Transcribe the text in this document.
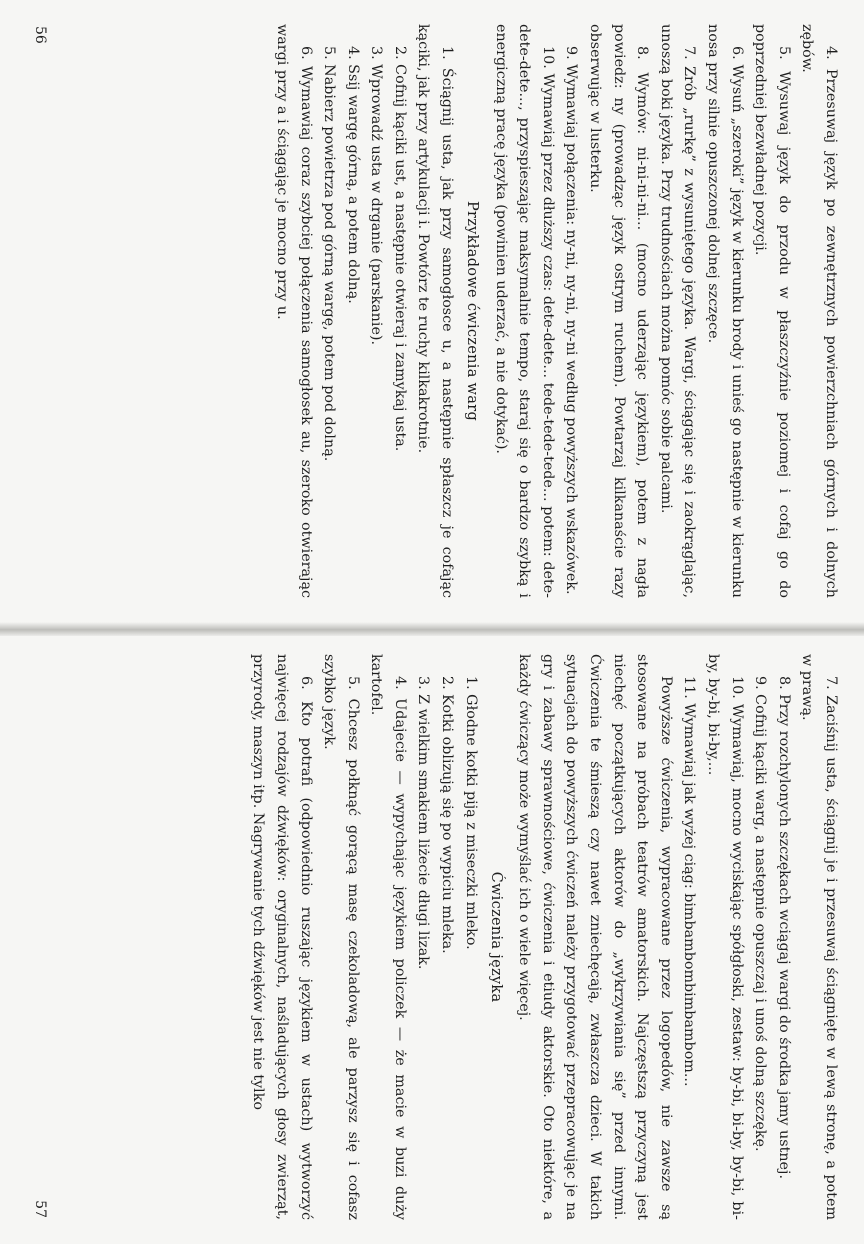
4. Przesuwaj język po zewnętrznych powierzchniach górnych i dolnych zębów.

5. Wysuwaj język do przodu w płaszczyźnie poziomej i cofaj go do poprzedniej bezwładnej pozycji.

6. Wysuń „szeroki” język w kierunku brody i unieś go następnie w kierunku nosa przy silnie opuszczonej dolnej szczęce.

7. Zrób „rurkę” z wysuniętego języka. Wargi, ściągając się i zaokrąglając, unoszą boki języka. Przy trudnościach można pomóc sobie palcami.

8. Wymów: ni-ni-ni-ni... (mocno uderzając językiem), potem z nagła powiedz: ny (prowadząc język ostrym ruchem). Powtarzaj kilkanaście razy obserwując w lusterku.

9. Wymawiaj połączenia: ny-ni, ny-ni, ny-ni według powyższych wskazówek.

10. Wymawiaj przez dłuższy czas: dete-dete... tede-tede-tede... potem: dete-dete-dete..., przyspieszając maksymalnie tempo, staraj się o bardzo szybką i energiczną pracę języka (powinien uderzać, a nie dotykać).

Przykładowe ćwiczenia warg

1. Ściągnij usta, jak przy samogłosce u, a następnie spłaszcz je cofając kąciki, jak przy artykulacji i. Powtórz te ruchy kilkakrotnie.

2. Cofnij kąciki ust, a następnie otwieraj i zamykaj usta.

3. Wprowadź usta w drganie (parskanie).

4. Ssij wargę górną, a potem dolną.

5. Nabierz powietrza pod górną wargę, potem pod dolną.

6. Wymawiaj coraz szybciej połączenia samogłosek au, szeroko otwierając wargi przy a i ściągając je mocno przy u.

56

7. Zaciśnij usta, ściągnij je i przesuwaj ściągnięte w lewą stronę, a potem w prawą.

8. Przy rozchylonych szczękach wciągaj wargi do środka jamy ustnej.

9. Cofnij kąciki warg, a następnie opuszczaj i unoś dolną szczękę.

10. Wymawiaj, mocno wyciskając spółgłoski, zestaw: by-bi, bi-by, by-bi, bi-by, by-bi, bi-by,...

11. Wymawiaj jak wyżej ciąg: bimbambombimbambom...

Powyższe ćwiczenia, wypracowane przez logopedów, nie zawsze są stosowane na próbach teatrów amatorskich. Najczęstszą przyczyną jest niechęć początkujących aktorów do „wykrzywiania się” przed innymi. Ćwiczenia te śmieszą czy nawet zniechęcają, zwłaszcza dzieci. W takich sytuacjach do powyższych ćwiczeń należy przygotować przepracowując je na gry i zabawy sprawnościowe, ćwiczenia i etiudy aktorskie. Oto niektóre, a każdy ćwiczący może wymyślać ich o wiele więcej.

Ćwiczenia języka

1. Głodne kotki piją z miseczki mleko.

2. Kotki oblizują się po wypiciu mleka.

3. Z wielkim smakiem liżecie długi lizak.

4. Udajecie — wypychając językiem policzek — że macie w buzi duży kartofel.

5. Chcesz połknąć gorącą masę czekoladową, ale parzysz się i cofasz szybko język.

6. Kto potrafi (odpowiednio ruszając językiem w ustach) wytworzyć najwięcej rodzajów dźwięków: oryginalnych, naśladujących głosy zwierząt, przyrody, maszyn itp. Nagrywanie tych dźwięków jest nie tylko

57
